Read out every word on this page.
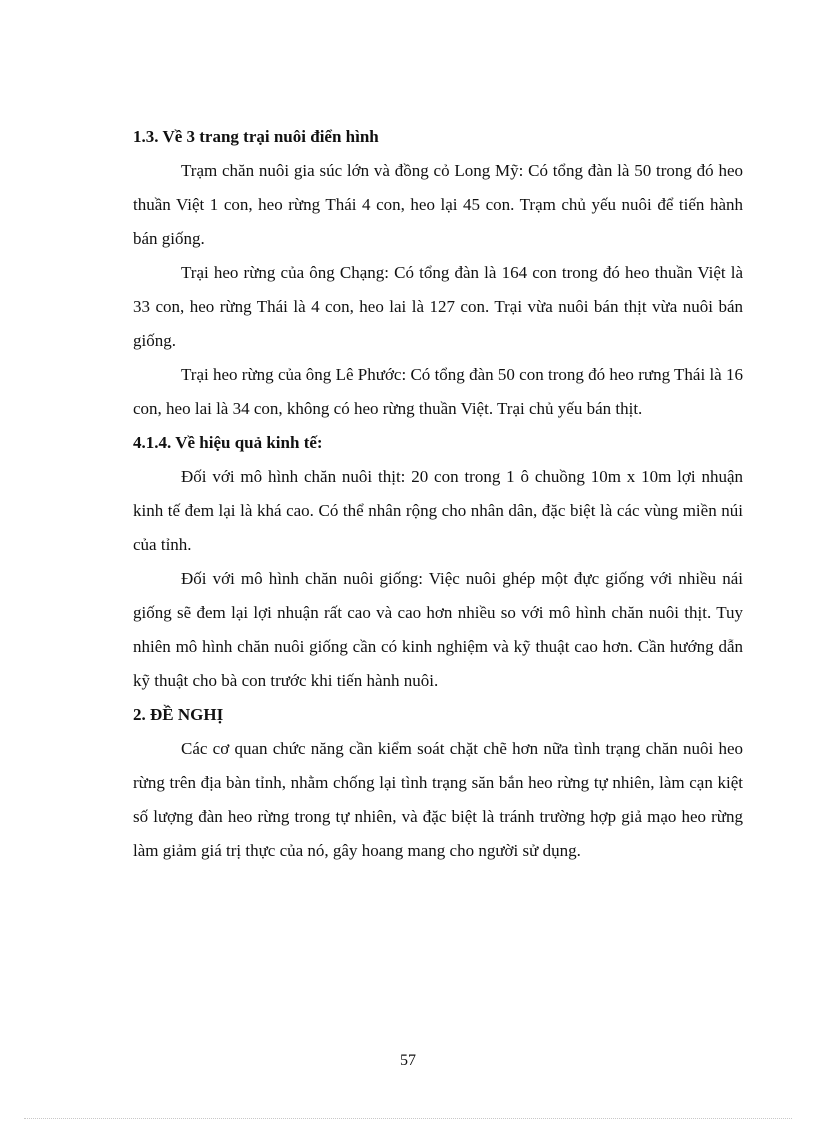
1.3. Về 3 trang trại nuôi điển hình

Trạm chăn nuôi gia súc lớn và đồng cỏ Long Mỹ: Có tổng đàn là 50 trong đó heo thuần Việt 1 con, heo rừng Thái 4 con, heo lại 45 con. Trạm chủ yếu nuôi để tiến hành bán giống.

Trại heo rừng của ông Chạng: Có tổng đàn là 164 con trong đó heo thuần Việt là 33 con, heo rừng Thái là 4 con, heo lai là 127 con. Trại vừa nuôi bán thịt vừa nuôi bán giống.

Trại heo rừng của ông Lê Phước: Có tổng đàn 50 con trong đó heo rưng Thái là 16 con, heo lai là 34 con, không có heo rừng thuần Việt. Trại chủ yếu bán thịt.

4.1.4. Về hiệu quả kinh tế:

Đối với mô hình chăn nuôi thịt: 20 con trong 1 ô chuồng 10m x 10m lợi nhuận kinh tế đem lại là khá cao. Có thể nhân rộng cho nhân dân, đặc biệt là các vùng miền núi của tỉnh.

Đối với mô hình chăn nuôi giống: Việc nuôi ghép một đực giống với nhiều nái giống sẽ đem lại lợi nhuận rất cao và cao hơn nhiều so với mô hình chăn nuôi thịt. Tuy nhiên mô hình chăn nuôi giống cần có kinh nghiệm và kỹ thuật cao hơn. Cần hướng dẫn kỹ thuật cho bà con trước khi tiến hành nuôi.

2. ĐỀ NGHỊ

Các cơ quan chức năng cần kiểm soát chặt chẽ hơn nữa tình trạng chăn nuôi heo rừng trên địa bàn tỉnh, nhằm chống lại tình trạng săn bắn heo rừng tự nhiên, làm cạn kiệt số lượng đàn heo rừng trong tự nhiên, và đặc biệt là tránh trường hợp giả mạo heo rừng làm giảm giá trị thực của nó, gây hoang mang cho người sử dụng.

57
